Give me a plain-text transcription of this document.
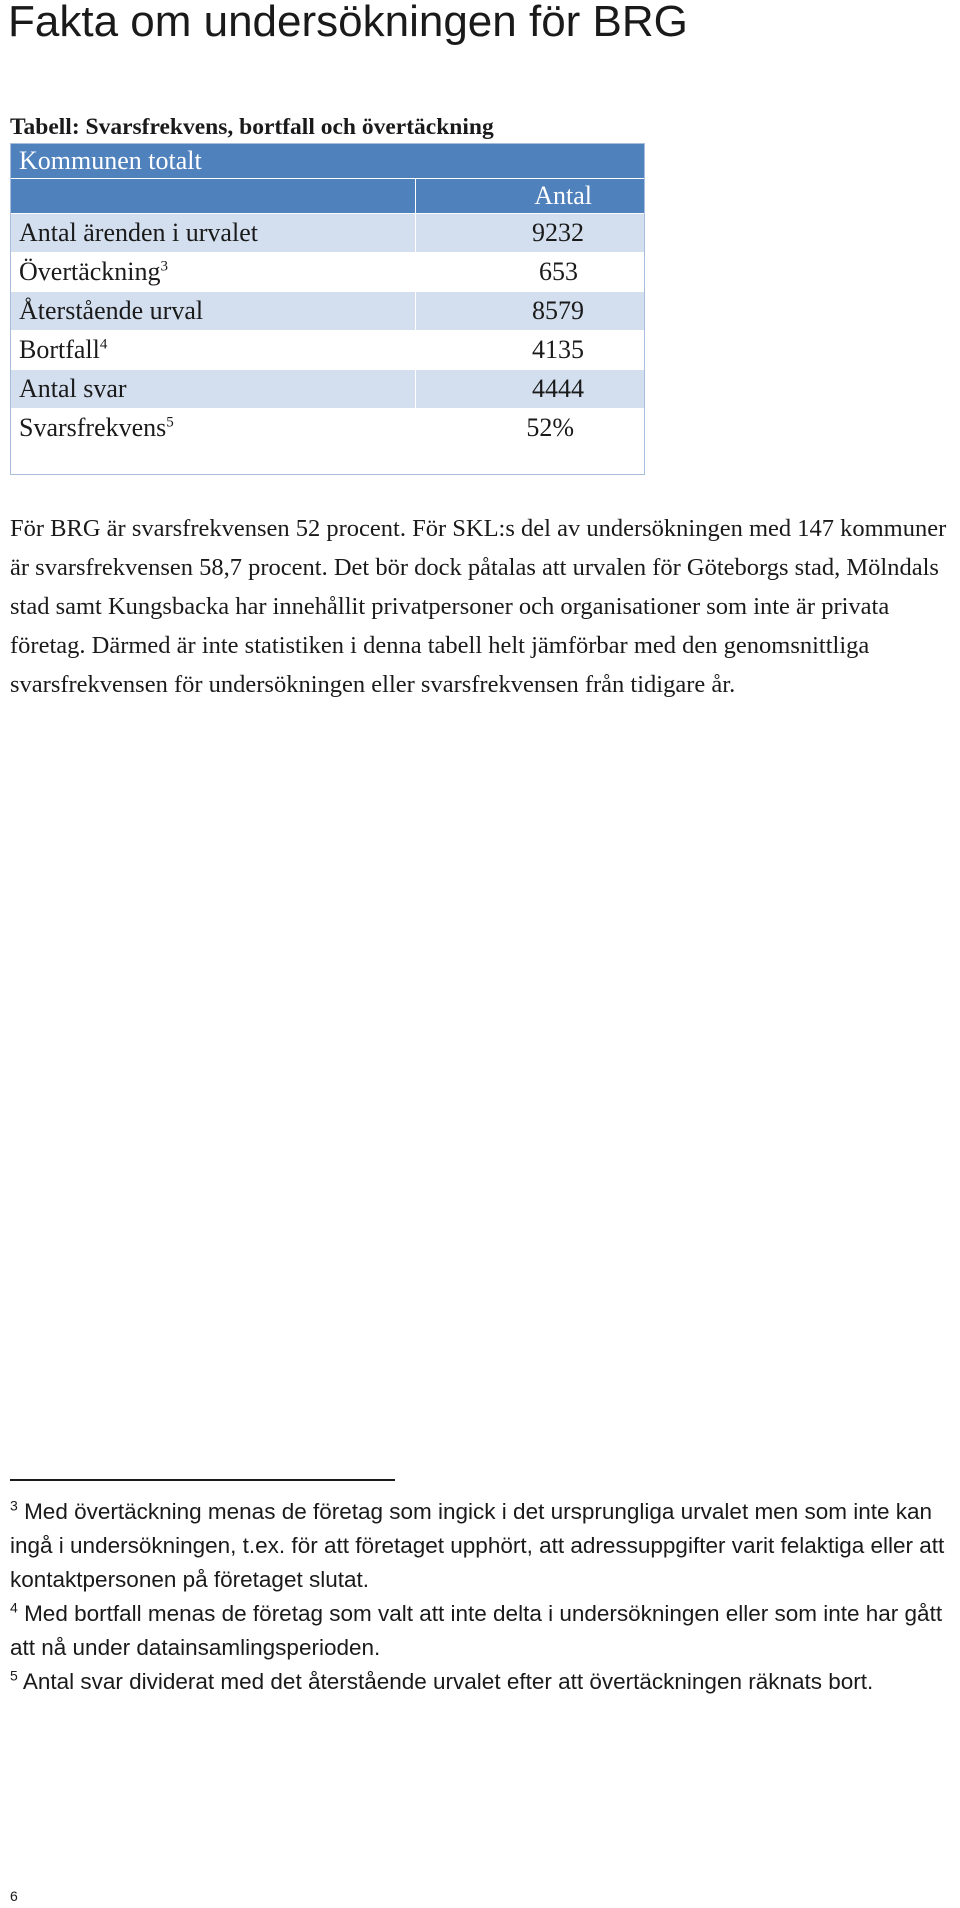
Fakta om undersökningen för BRG
Tabell: Svarsfrekvens, bortfall och övertäckning
Kommunen totalt	
	Antal
Antal ärenden i urvalet	9232
Övertäckning$^3$	653
Återstående urval	8579
Bortfall$^4$	4135
Antal svar	4444
Svarsfrekvens$^5$	52%

För BRG är svarsfrekvensen 52 procent. För SKL:s del av undersökningen med 147 kommuner är svarsfrekvensen 58,7 procent. Det bör dock påtalas att urvalen för Göteborgs stad, Mölndals stad samt Kungsbacka har innehållit privatpersoner och organisationer som inte är privata företag. Därmed är inte statistiken i denna tabell helt jämförbar med den genomsnittliga svarsfrekvensen för undersökningen eller svarsfrekvensen från tidigare år.

$^3$ Med övertäckning menas de företag som ingick i det ursprungliga urvalet men som inte kan ingå i undersökningen, t.ex. för att företaget upphört, att adressuppgifter varit felaktiga eller att kontaktpersonen på företaget slutat.

$^4$ Med bortfall menas de företag som valt att inte delta i undersökningen eller som inte har gått att nå under datainsamlingsperioden.

$^5$ Antal svar dividerat med det återstående urvalet efter att övertäckningen räknats bort.

6
